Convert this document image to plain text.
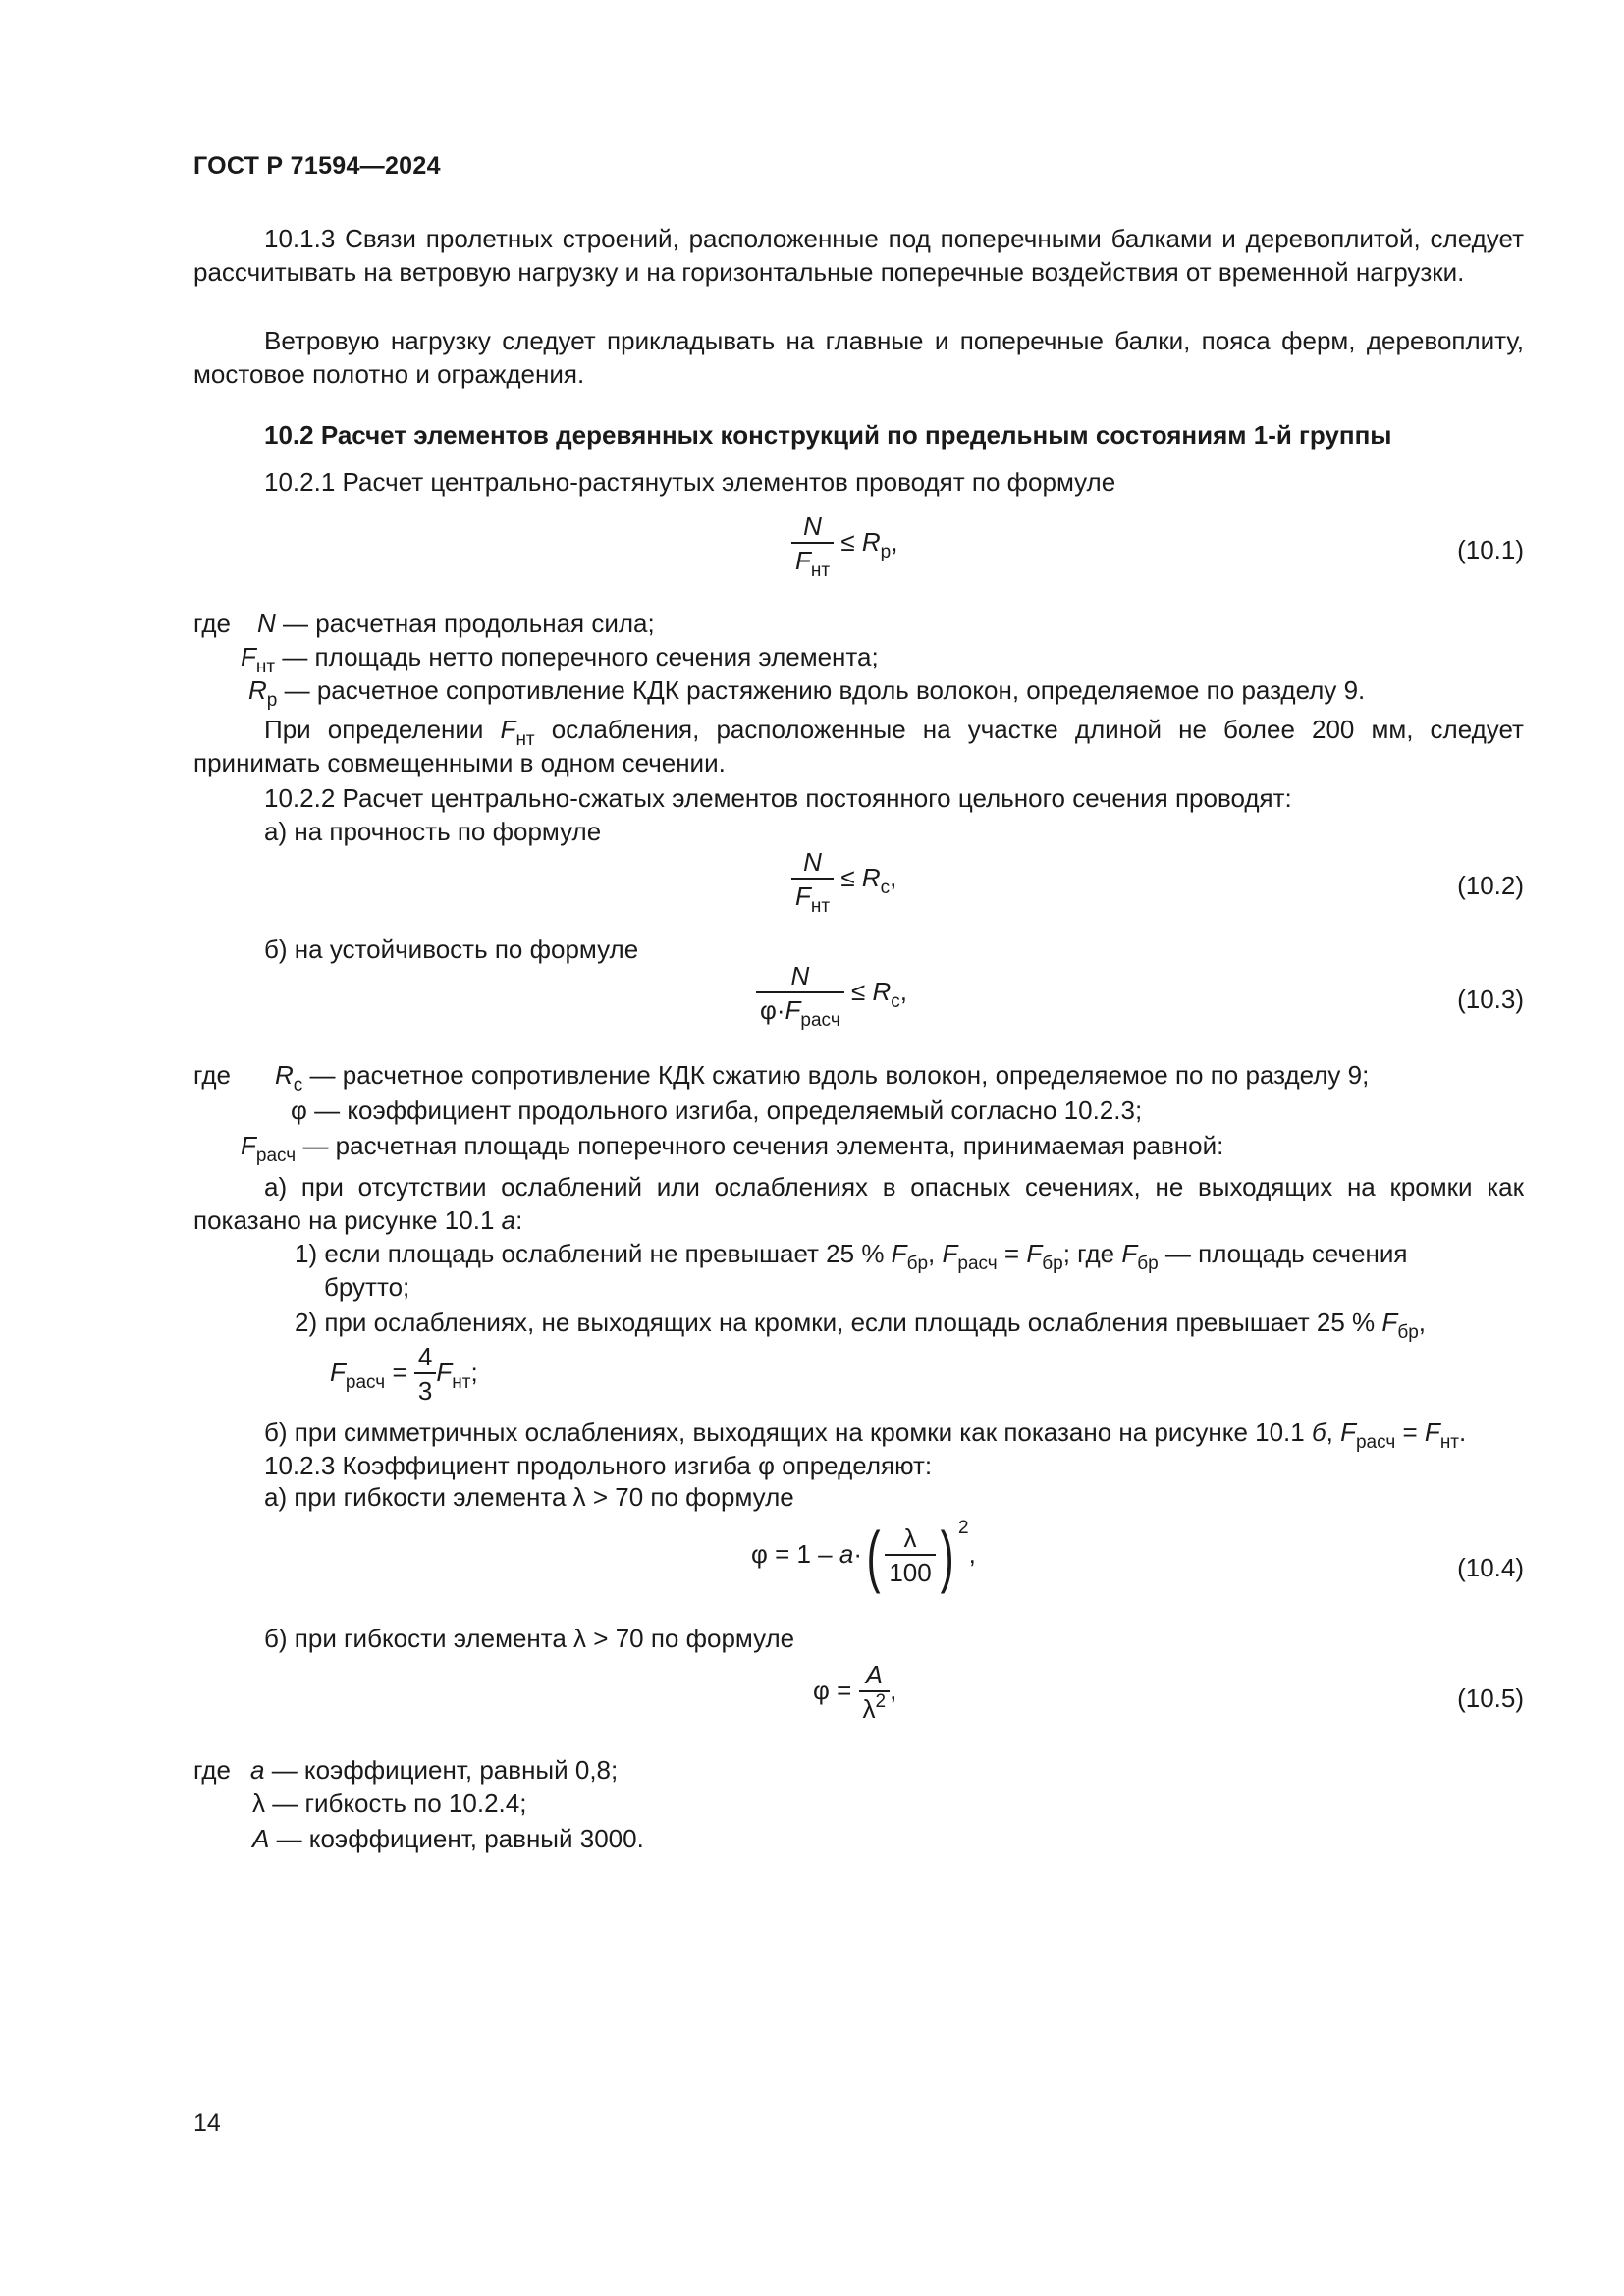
ГОСТ Р 71594—2024
10.1.3 Связи пролетных строений, расположенные под поперечными балками и деревоплитой, следует рассчитывать на ветровую нагрузку и на горизонтальные поперечные воздействия от временной нагрузки.
Ветровую нагрузку следует прикладывать на главные и поперечные балки, пояса ферм, деревоплиту, мостовое полотно и ограждения.
10.2 Расчет элементов деревянных конструкций по предельным состояниям 1-й группы
10.2.1 Расчет центрально-растянутых элементов проводят по формуле
$\frac{N}{F_{нт}} \le R_р$,	(10.1)
где N — расчетная продольная сила;
$F_{нт}$ — площадь нетто поперечного сечения элемента;
$R_р$ — расчетное сопротивление КДК растяжению вдоль волокон, определяемое по разделу 9.
При определении $F_{нт}$ ослабления, расположенные на участке длиной не более 200 мм, следует принимать совмещенными в одном сечении.
10.2.2 Расчет центрально-сжатых элементов постоянного цельного сечения проводят:
а) на прочность по формуле
$\frac{N}{F_{нт}} \le R_с$,	(10.2)
б) на устойчивость по формуле
$\frac{N}{\varphi\cdot F_{расч}} \le R_c$,	(10.3)
где $R_с$ — расчетное сопротивление КДК сжатию вдоль волокон, определяемое по по разделу 9;
φ — коэффициент продольного изгиба, определяемый согласно 10.2.3;
$F_{расч}$ — расчетная площадь поперечного сечения элемента, принимаемая равной:
а) при отсутствии ослаблений или ослаблениях в опасных сечениях, не выходящих на кромки как показано на рисунке 10.1 а:
1) если площадь ослаблений не превышает 25 % $F_{бр}$, $F_{расч} = F_{бр}$; где $F_{бр}$ — площадь сечения
брутто;
2) при ослаблениях, не выходящих на кромки, если площадь ослабления превышает 25 % $F_{бр}$,
$F_{расч} = \frac{4}{3} F_{нт}$;
б) при симметричных ослаблениях, выходящих на кромки как показано на рисунке 10.1 б, $F_{расч} = F_{нт}$.
10.2.3 Коэффициент продольного изгиба φ определяют:
а) при гибкости элемента λ > 70 по формуле
$\varphi = 1 - a\cdot( \frac{\lambda}{100}$ ) $^2$,	(10.4)
б) при гибкости элемента λ > 70 по формуле
$\varphi = \frac{A}{\lambda^2}$ ,	(10.5)
где a — коэффициент, равный 0,8;
λ — гибкость по 10.2.4;
A — коэффициент, равный 3000.
14
